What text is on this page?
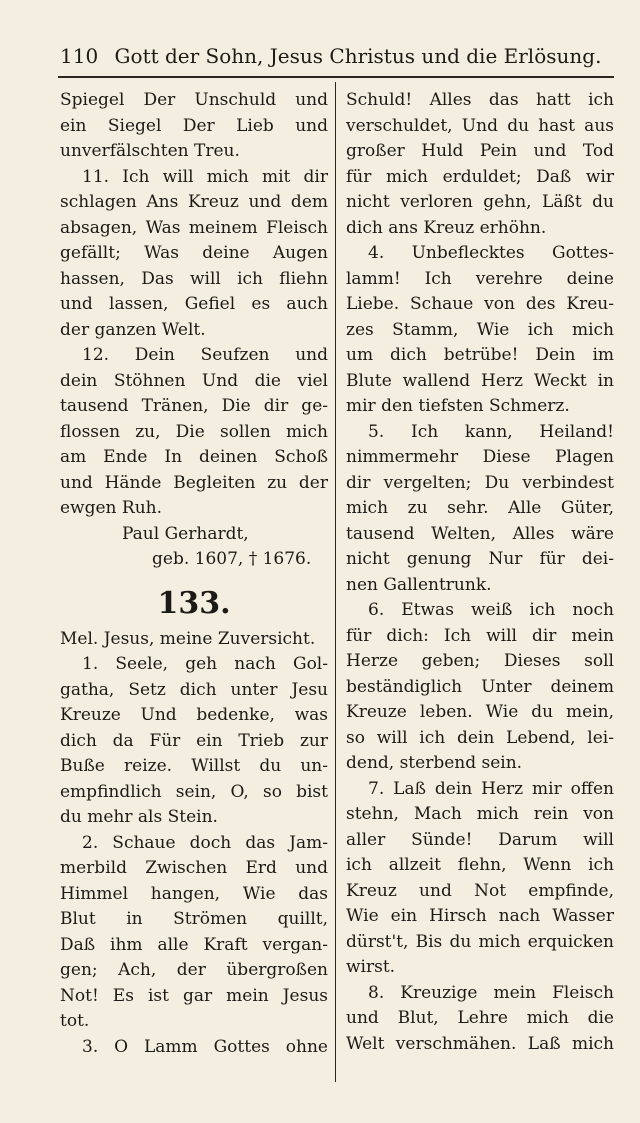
110 Gott der Sohn, Jesus Christus und die Erlösung.
Spiegel Der Unschuld und
ein Siegel Der Lieb und
unverfälschten Treu.
11. Ich will mich mit dir
schlagen Ans Kreuz und dem
absagen, Was meinem Fleisch
gefällt; Was deine Augen
hassen, Das will ich fliehn
und lassen, Gefiel es auch
der ganzen Welt.
12. Dein Seufzen und
dein Stöhnen Und die viel
tausend Tränen, Die dir ge-
flossen zu, Die sollen mich
am Ende In deinen Schoß
und Hände Begleiten zu der
ewgen Ruh.
Paul Gerhardt,
geb. 1607, † 1676.
133.
Mel. Jesus, meine Zuversicht.
1. Seele, geh nach Gol-
gatha, Setz dich unter Jesu
Kreuze Und bedenke, was
dich da Für ein Trieb zur
Buße reize. Willst du un-
empfindlich sein, O, so bist
du mehr als Stein.
2. Schaue doch das Jam-
merbild Zwischen Erd und
Himmel hangen, Wie das
Blut in Strömen quillt,
Daß ihm alle Kraft vergan-
gen; Ach, der übergroßen
Not! Es ist gar mein Jesus
tot.
3. O Lamm Gottes ohne
Schuld! Alles das hatt ich
verschuldet, Und du hast aus
großer Huld Pein und Tod
für mich erduldet; Daß wir
nicht verloren gehn, Läßt du
dich ans Kreuz erhöhn.
4. Unbeflecktes Gottes-
lamm! Ich verehre deine
Liebe. Schaue von des Kreu-
zes Stamm, Wie ich mich
um dich betrübe! Dein im
Blute wallend Herz Weckt in
mir den tiefsten Schmerz.
5. Ich kann, Heiland!
nimmermehr Diese Plagen
dir vergelten; Du verbindest
mich zu sehr. Alle Güter,
tausend Welten, Alles wäre
nicht genung Nur für dei-
nen Gallentrunk.
6. Etwas weiß ich noch
für dich: Ich will dir mein
Herze geben; Dieses soll
beständiglich Unter deinem
Kreuze leben. Wie du mein,
so will ich dein Lebend, lei-
dend, sterbend sein.
7. Laß dein Herz mir offen
stehn, Mach mich rein von
aller Sünde! Darum will
ich allzeit flehn, Wenn ich
Kreuz und Not empfinde,
Wie ein Hirsch nach Wasser
dürst't, Bis du mich erquicken
wirst.
8. Kreuzige mein Fleisch
und Blut, Lehre mich die
Welt verschmähen. Laß mich
